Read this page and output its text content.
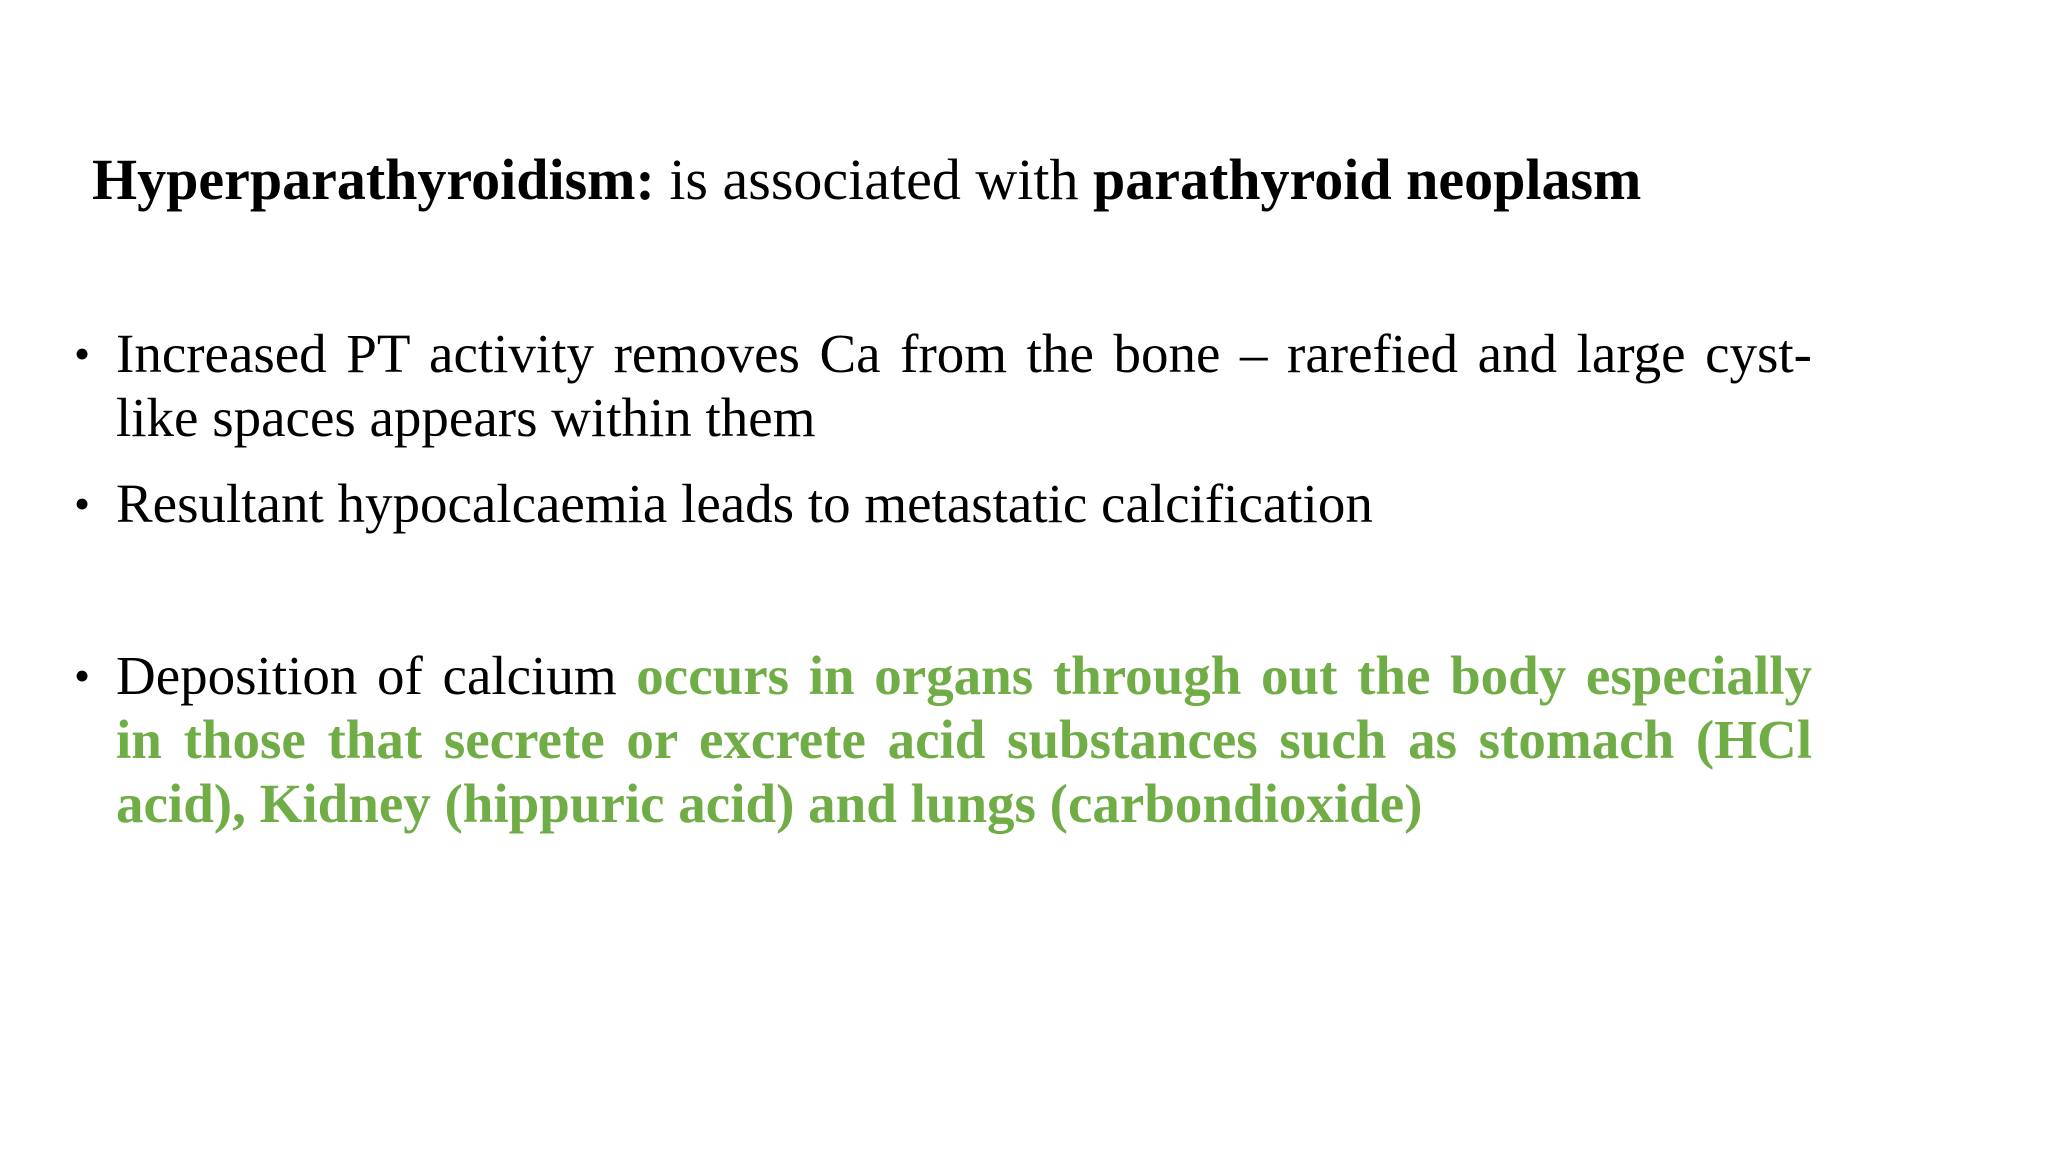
Hyperparathyroidism: is associated with parathyroid neoplasm
• Increased PT activity removes Ca from the bone – rarefied and large cyst-like spaces appears within them
• Resultant hypocalcaemia leads to metastatic calcification
• Deposition of calcium occurs in organs through out the body especially in those that secrete or excrete acid substances such as stomach (HCl acid), Kidney (hippuric acid) and lungs (carbondioxide)
